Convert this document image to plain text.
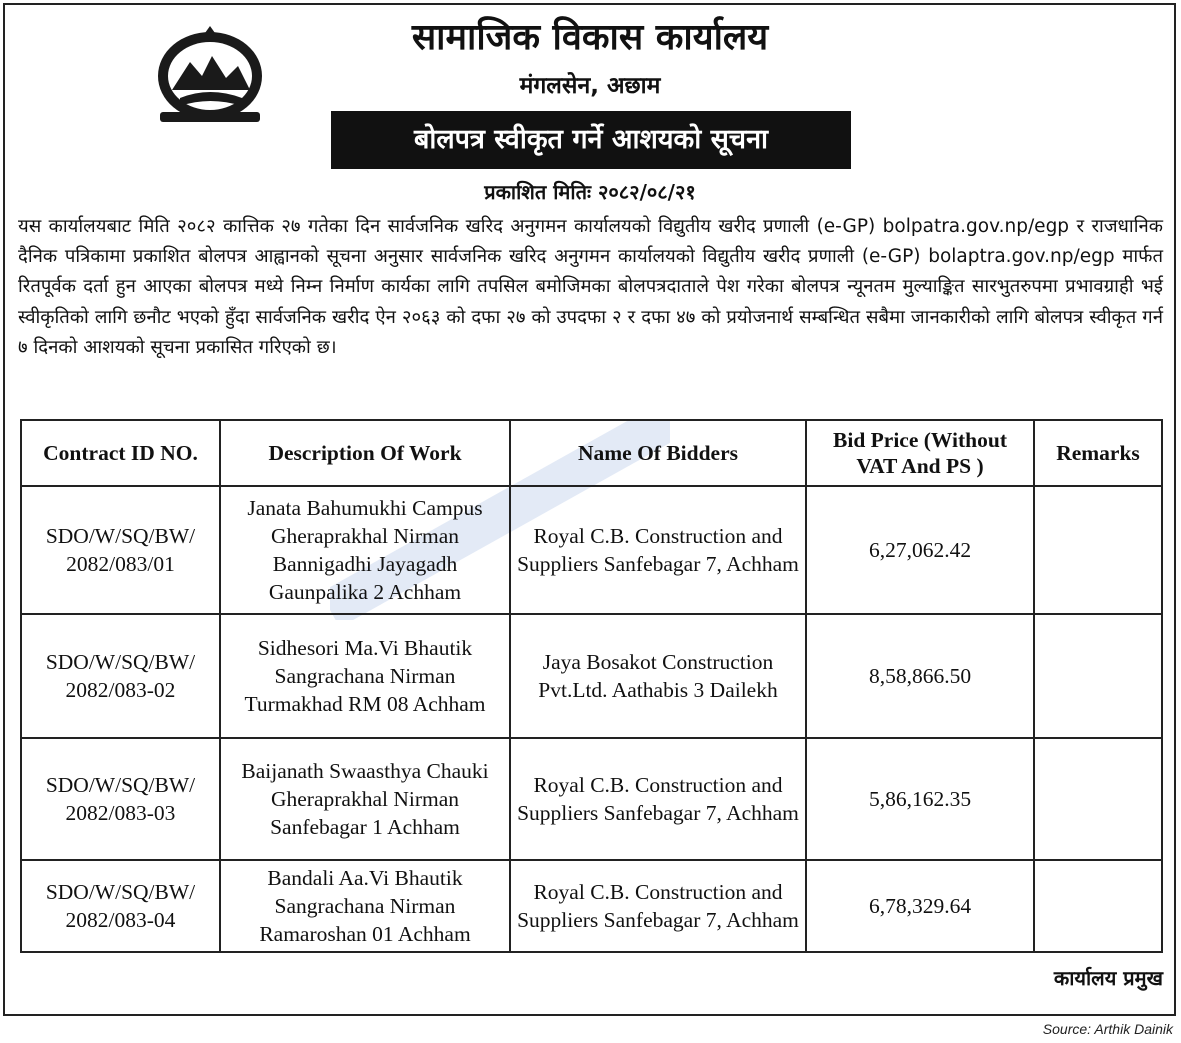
सामाजिक विकास कार्यालय
मंगलसेन, अछाम
बोलपत्र स्वीकृत गर्ने आशयको सूचना
प्रकाशित मितिः २०८२/०८/२१
यस कार्यालयबाट मिति २०८२ कात्तिक २७ गतेका दिन सार्वजनिक खरिद अनुगमन कार्यालयको विद्युतीय खरीद प्रणाली (e-GP) bolpatra.gov.np/egp र राजधानिक दैनिक पत्रिकामा प्रकाशित बोलपत्र आह्वानको सूचना अनुसार सार्वजनिक खरिद अनुगमन कार्यालयको विद्युतीय खरीद प्रणाली (e-GP) bolaptra.gov.np/egp मार्फत रितपूर्वक दर्ता हुन आएका बोलपत्र मध्ये निम्न निर्माण कार्यका लागि तपसिल बमोजिमका बोलपत्रदाताले पेश गरेका बोलपत्र न्यूनतम मुल्याङ्कित सारभुतरुपमा प्रभावग्राही भई स्वीकृतिको लागि छनौट भएको हुँदा सार्वजनिक खरीद ऐन २०६३ को दफा २७ को उपदफा २ र दफा ४७ को प्रयोजनार्थ सम्बन्धित सबैमा जानकारीको लागि बोलपत्र स्वीकृत गर्न ७ दिनको आशयको सूचना प्रकासित गरिएको छ।
Contract ID NO.	Description Of Work	Name Of Bidders	Bid Price (Without VAT And PS )	Remarks
SDO/W/SQ/BW/ 2082/083/01	Janata Bahumukhi Campus Gheraprakhal Nirman Bannigadhi Jayagadh Gaunpalika 2 Achham	Royal C.B. Construction and Suppliers Sanfebagar 7, Achham	6,27,062.42	
SDO/W/SQ/BW/ 2082/083-02	Sidhesori Ma.Vi Bhautik Sangrachana Nirman Turmakhad RM 08 Achham	Jaya Bosakot Construction Pvt.Ltd. Aathabis 3 Dailekh	8,58,866.50	
SDO/W/SQ/BW/ 2082/083-03	Baijanath Swaasthya Chauki Gheraprakhal Nirman Sanfebagar 1 Achham	Royal C.B. Construction and Suppliers Sanfebagar 7, Achham	5,86,162.35	
SDO/W/SQ/BW/ 2082/083-04	Bandali Aa.Vi Bhautik Sangrachana Nirman Ramaroshan 01 Achham	Royal C.B. Construction and Suppliers Sanfebagar 7, Achham	6,78,329.64	
कार्यालय प्रमुख
Source: Arthik Dainik
